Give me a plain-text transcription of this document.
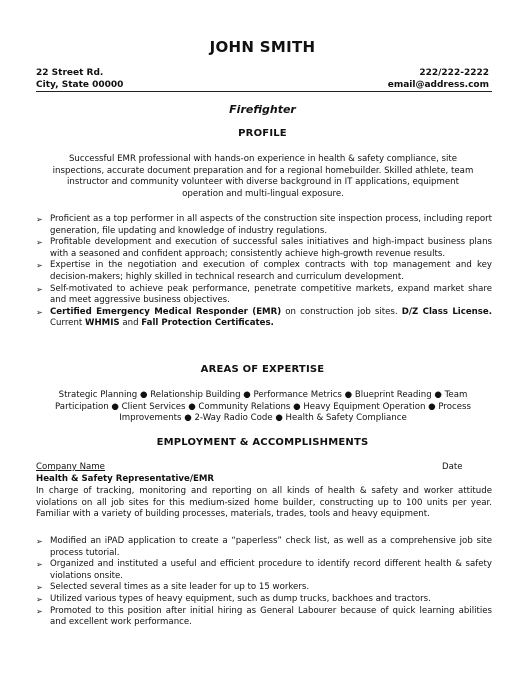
JOHN SMITH
22 Street Rd.
City, State 00000
222/222-2222
email@address.com
Firefighter
PROFILE
Successful EMR professional with hands-on experience in health & safety compliance, site inspections, accurate document preparation and for a regional homebuilder. Skilled athlete, team instructor and community volunteer with diverse background in IT applications, equipment operation and multi-lingual exposure.
➢ Proficient as a top performer in all aspects of the construction site inspection process, including report generation, file updating and knowledge of industry regulations.
➢ Profitable development and execution of successful sales initiatives and high-impact business plans with a seasoned and confident approach; consistently achieve high-growth revenue results.
➢ Expertise in the negotiation and execution of complex contracts with top management and key decision-makers; highly skilled in technical research and curriculum development.
➢ Self-motivated to achieve peak performance, penetrate competitive markets, expand market share and meet aggressive business objectives.
➢ Certified Emergency Medical Responder (EMR) on construction job sites. D/Z Class License. Current WHMIS and Fall Protection Certificates.
AREAS OF EXPERTISE
Strategic Planning ● Relationship Building ● Performance Metrics ● Blueprint Reading ● Team Participation ● Client Services ● Community Relations ● Heavy Equipment Operation ● Process Improvements ● 2-Way Radio Code ● Health & Safety Compliance
EMPLOYMENT & ACCOMPLISHMENTS
Company Name	Date
Health & Safety Representative/EMR
In charge of tracking, monitoring and reporting on all kinds of health & safety and worker attitude violations on all job sites for this medium-sized home builder, constructing up to 100 units per year. Familiar with a variety of building processes, materials, trades, tools and heavy equipment.
➢ Modified an iPAD application to create a “paperless” check list, as well as a comprehensive job site process tutorial.
➢ Organized and instituted a useful and efficient procedure to identify record different health & safety violations onsite.
➢ Selected several times as a site leader for up to 15 workers.
➢ Utilized various types of heavy equipment, such as dump trucks, backhoes and tractors.
➢ Promoted to this position after initial hiring as General Labourer because of quick learning abilities and excellent work performance.
